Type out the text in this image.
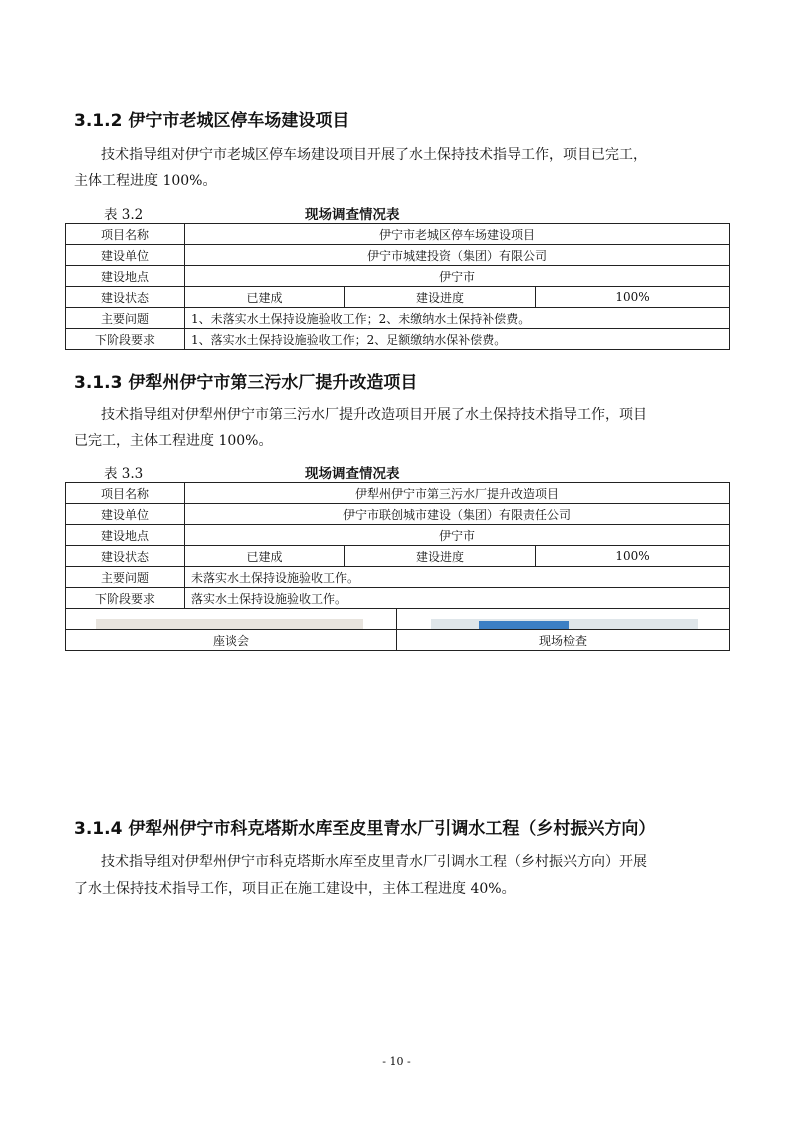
3.1.2 伊宁市老城区停车场建设项目
技术指导组对伊宁市老城区停车场建设项目开展了水土保持技术指导工作，项目已完工，
主体工程进度 100%。
表 3.2	现场调查情况表
项目名称	伊宁市老城区停车场建设项目		
建设单位	伊宁市城建投资（集团）有限公司		
建设地点	伊宁市		
建设状态	已建成	建设进度	100%
主要问题	1、未落实水土保持设施验收工作；2、未缴纳水土保持补偿费。		
下阶段要求	1、落实水土保持设施验收工作；2、足额缴纳水保补偿费。		
3.1.3 伊犁州伊宁市第三污水厂提升改造项目
技术指导组对伊犁州伊宁市第三污水厂提升改造项目开展了水土保持技术指导工作，项目
已完工，主体工程进度 100%。
表 3.3	现场调查情况表
项目名称	伊犁州伊宁市第三污水厂提升改造项目			
建设单位	伊宁市联创城市建设（集团）有限责任公司			
建设地点	伊宁市			
建设状态	已建成	建设进度		100%
主要问题	未落实水土保持设施验收工作。			
下阶段要求	落实水土保持设施验收工作。			

座谈会			现场检查	
3.1.4 伊犁州伊宁市科克塔斯水库至皮里青水厂引调水工程（乡村振兴方向）
技术指导组对伊犁州伊宁市科克塔斯水库至皮里青水厂引调水工程（乡村振兴方向）开展
了水土保持技术指导工作，项目正在施工建设中，主体工程进度 40%。
- 10 -
